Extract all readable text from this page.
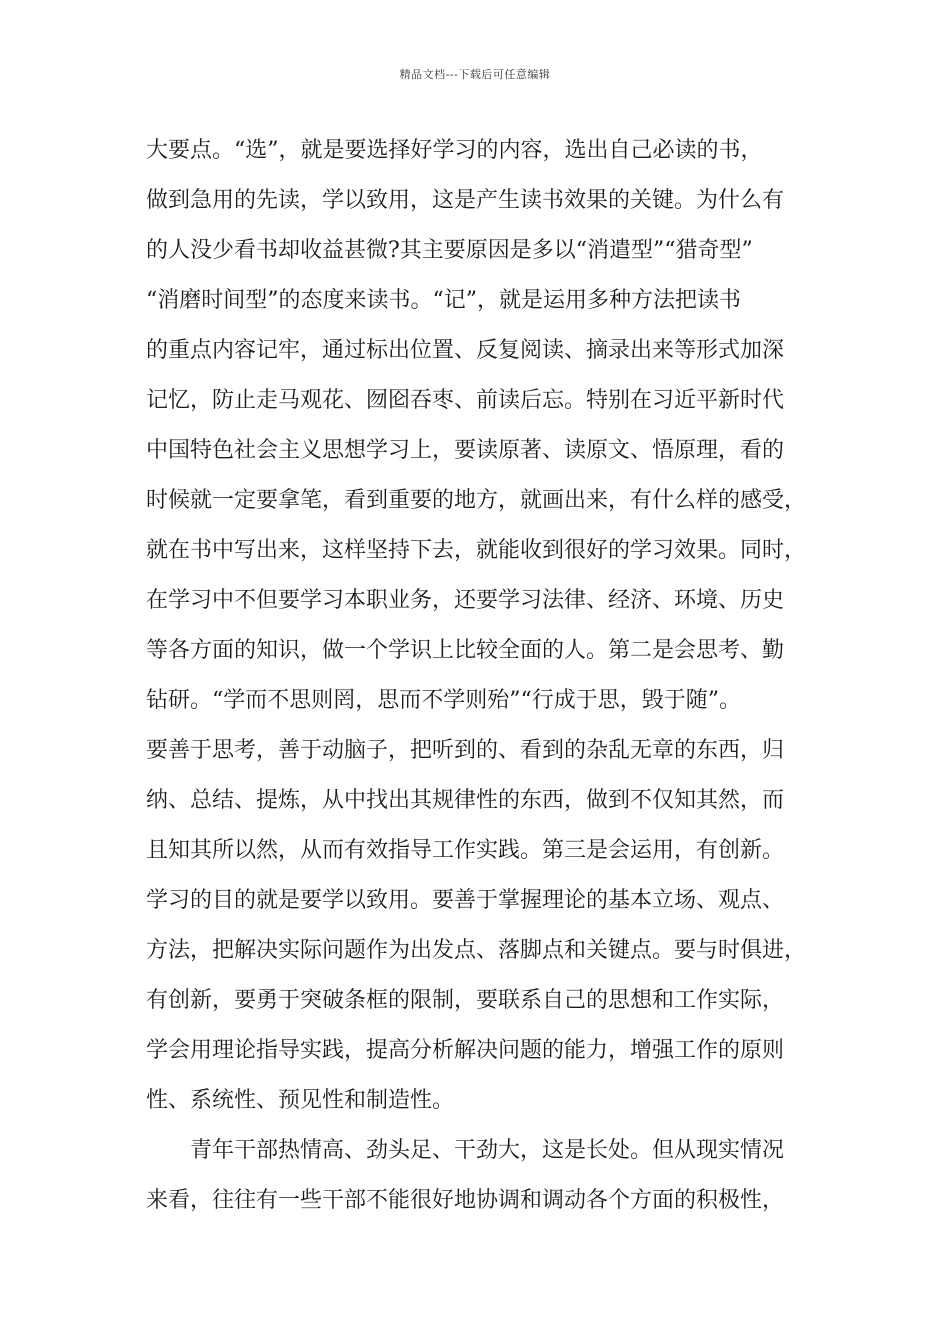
精品文档---下载后可任意编辑
大要点。“选”，就是要选择好学习的内容，选出自己必读的书，
做到急用的先读，学以致用，这是产生读书效果的关键。为什么有
的人没少看书却收益甚微?其主要原因是多以“消遣型”“猎奇型”
“消磨时间型”的态度来读书。“记”，就是运用多种方法把读书
的重点内容记牢，通过标出位置、反复阅读、摘录出来等形式加深
记忆，防止走马观花、囫囵吞枣、前读后忘。特别在习近平新时代
中国特色社会主义思想学习上，要读原著、读原文、悟原理，看的
时候就一定要拿笔，看到重要的地方，就画出来，有什么样的感受，
就在书中写出来，这样坚持下去，就能收到很好的学习效果。同时，
在学习中不但要学习本职业务，还要学习法律、经济、环境、历史
等各方面的知识，做一个学识上比较全面的人。第二是会思考、勤
钻研。“学而不思则罔，思而不学则殆”“行成于思，毁于随”。
要善于思考，善于动脑子，把听到的、看到的杂乱无章的东西，归
纳、总结、提炼，从中找出其规律性的东西，做到不仅知其然，而
且知其所以然，从而有效指导工作实践。第三是会运用，有创新。
学习的目的就是要学以致用。要善于掌握理论的基本立场、观点、
方法，把解决实际问题作为出发点、落脚点和关键点。要与时俱进，
有创新，要勇于突破条框的限制，要联系自己的思想和工作实际，
学会用理论指导实践，提高分析解决问题的能力，增强工作的原则
性、系统性、预见性和制造性。
青年干部热情高、劲头足、干劲大，这是长处。但从现实情况
来看，往往有一些干部不能很好地协调和调动各个方面的积极性，
